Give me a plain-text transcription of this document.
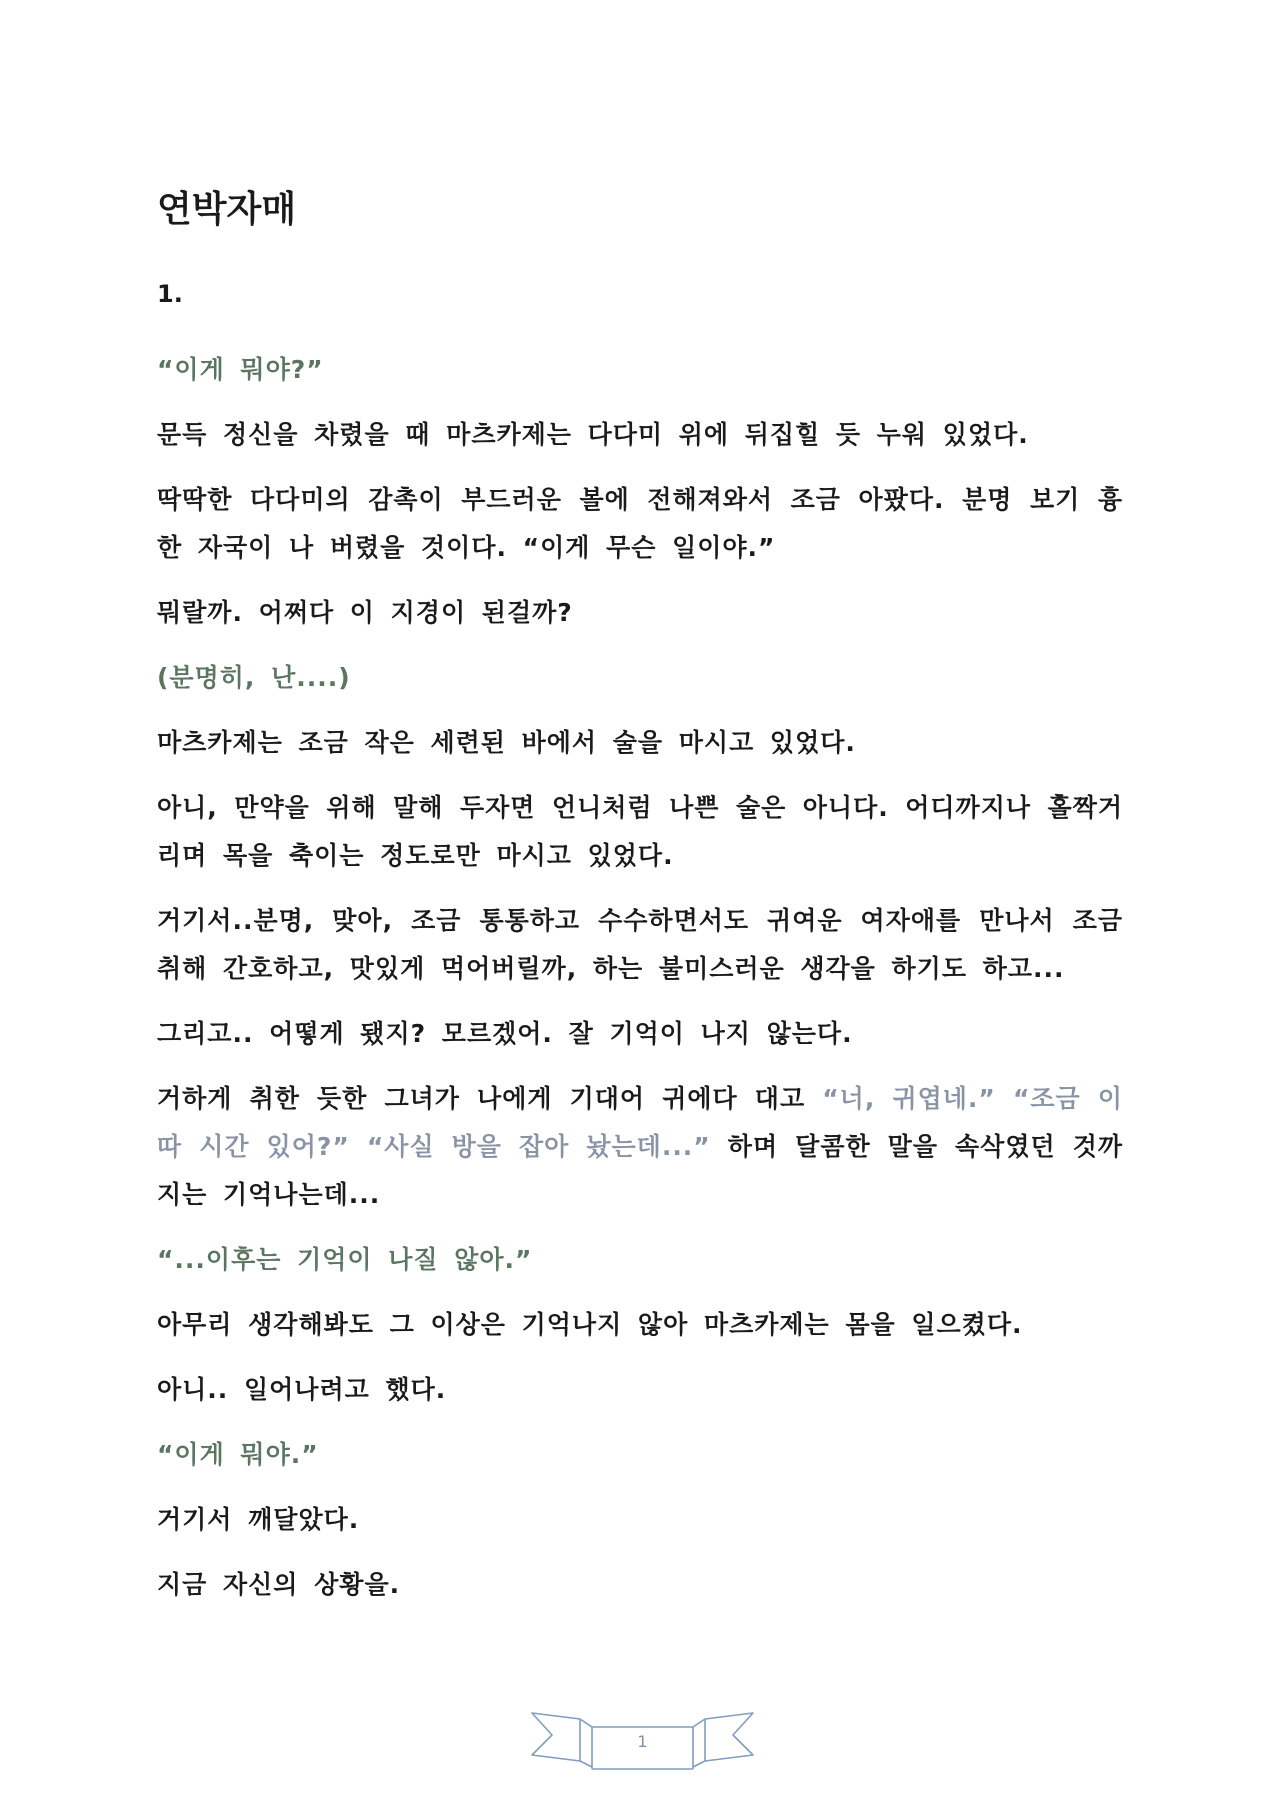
연박자매
1.
“이게 뭐야?”
문득 정신을 차렸을 때 마츠카제는 다다미 위에 뒤집힐 듯 누워 있었다.
딱딱한 다다미의 감촉이 부드러운 볼에 전해져와서 조금 아팠다. 분명 보기 흉한 자국이 나 버렸을 것이다. “이게 무슨 일이야.”
뭐랄까. 어쩌다 이 지경이 된걸까?
(분명히, 난....)
마츠카제는 조금 작은 세련된 바에서 술을 마시고 있었다.
아니, 만약을 위해 말해 두자면 언니처럼 나쁜 술은 아니다. 어디까지나 홀짝거리며 목을 축이는 정도로만 마시고 있었다.
거기서..분명, 맞아, 조금 통통하고 수수하면서도 귀여운 여자애를 만나서 조금 취해 간호하고, 맛있게 먹어버릴까, 하는 불미스러운 생각을 하기도 하고...
그리고.. 어떻게 됐지? 모르겠어. 잘 기억이 나지 않는다.
거하게 취한 듯한 그녀가 나에게 기대어 귀에다 대고 “너, 귀엽네.” “조금 이따 시간 있어?” “사실 방을 잡아 놨는데...” 하며 달콤한 말을 속삭였던 것까지는 기억나는데...
“...이후는 기억이 나질 않아.”
아무리 생각해봐도 그 이상은 기억나지 않아 마츠카제는 몸을 일으켰다.
아니.. 일어나려고 했다.
“이게 뭐야.”
거기서 깨달았다.
지금 자신의 상황을.
1
